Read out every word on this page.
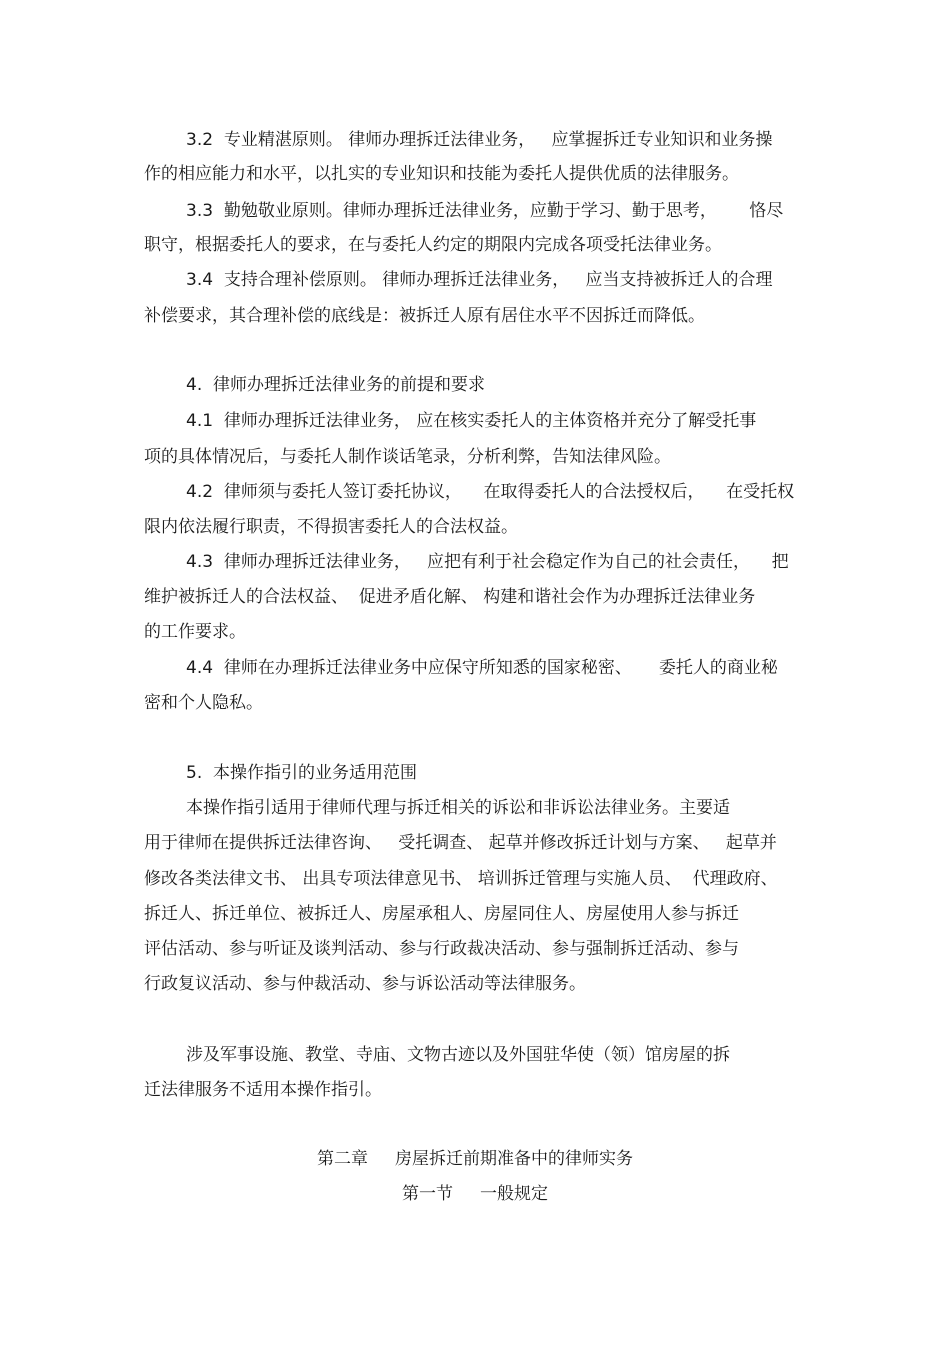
3.2  专业精湛原则。 律师办理拆迁法律业务，   应掌握拆迁专业知识和业务操
作的相应能力和水平，以扎实的专业知识和技能为委托人提供优质的法律服务。
3.3  勤勉敬业原则。律师办理拆迁法律业务，应勤于学习、勤于思考，      恪尽
职守，根据委托人的要求，在与委托人约定的期限内完成各项受托法律业务。
3.4  支持合理补偿原则。 律师办理拆迁法律业务，   应当支持被拆迁人的合理
补偿要求，其合理补偿的底线是：被拆迁人原有居住水平不因拆迁而降低。
4.  律师办理拆迁法律业务的前提和要求
4.1  律师办理拆迁法律业务， 应在核实委托人的主体资格并充分了解受托事
项的具体情况后，与委托人制作谈话笔录，分析利弊，告知法律风险。
4.2  律师须与委托人签订委托协议，    在取得委托人的合法授权后，    在受托权
限内依法履行职责，不得损害委托人的合法权益。
4.3  律师办理拆迁法律业务，   应把有利于社会稳定作为自己的社会责任，    把
维护被拆迁人的合法权益、  促进矛盾化解、 构建和谐社会作为办理拆迁法律业务
的工作要求。
4.4  律师在办理拆迁法律业务中应保守所知悉的国家秘密、     委托人的商业秘
密和个人隐私。
5.  本操作指引的业务适用范围
本操作指引适用于律师代理与拆迁相关的诉讼和非诉讼法律业务。主要适
用于律师在提供拆迁法律咨询、   受托调查、 起草并修改拆迁计划与方案、   起草并
修改各类法律文书、 出具专项法律意见书、 培训拆迁管理与实施人员、  代理政府、
拆迁人、拆迁单位、被拆迁人、房屋承租人、房屋同住人、房屋使用人参与拆迁
评估活动、参与听证及谈判活动、参与行政裁决活动、参与强制拆迁活动、参与
行政复议活动、参与仲裁活动、参与诉讼活动等法律服务。
涉及军事设施、教堂、寺庙、文物古迹以及外国驻华使（领）馆房屋的拆
迁法律服务不适用本操作指引。
第二章     房屋拆迁前期准备中的律师实务
第一节     一般规定
